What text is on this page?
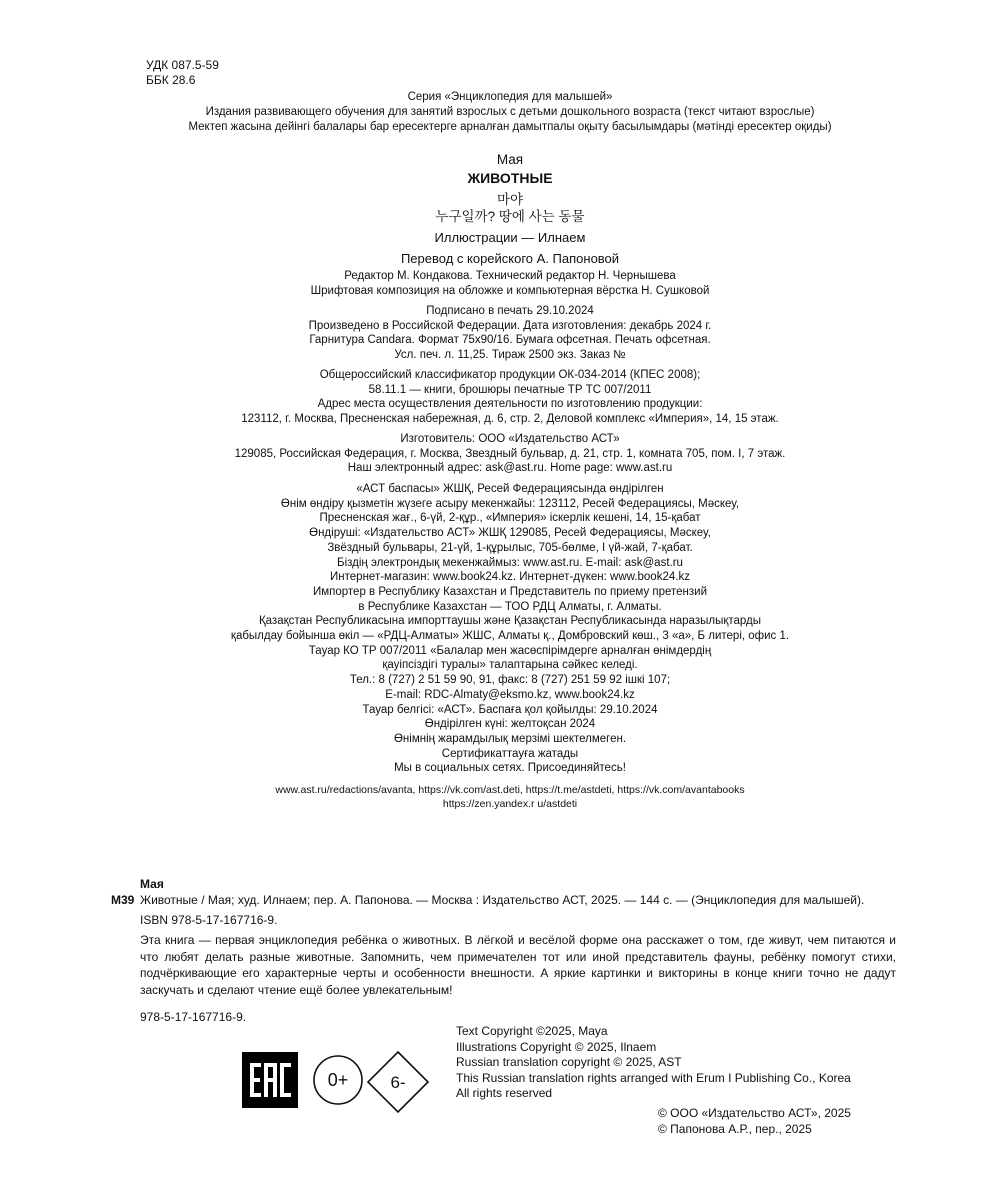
УДК 087.5-59
ББК 28.6
Серия «Энциклопедия для малышей»
Издания развивающего обучения для занятий взрослых с детьми дошкольного возраста (текст читают взрослые)
Мектеп жасына дейінгі балалары бар ересектерге арналған дамытпалы оқыту басылымдары (мәтінді ересектер оқиды)
Мая
ЖИВОТНЫЕ
마야
누구일까? 땅에 사는 동물
Иллюстрации — Илнаем
Перевод с корейского А. Папоновой
Редактор М. Кондакова. Технический редактор Н. Чернышева
Шрифтовая композиция на обложке и компьютерная вёрстка Н. Сушковой
Подписано в печать 29.10.2024
Произведено в Российской Федерации. Дата изготовления: декабрь 2024 г.
Гарнитура Candara. Формат 75x90/16. Бумага офсетная. Печать офсетная.
Усл. печ. л. 11,25. Тираж 2500 экз. Заказ №
Общероссийский классификатор продукции ОК-034-2014 (КПЕС 2008);
58.11.1 — книги, брошюры печатные ТР ТС 007/2011
Адрес места осуществления деятельности по изготовлению продукции:
123112, г. Москва, Пресненская набережная, д. 6, стр. 2, Деловой комплекс «Империя», 14, 15 этаж.
Изготовитель: ООО «Издательство АСТ»
129085, Российская Федерация, г. Москва, Звездный бульвар, д. 21, стр. 1, комната 705, пом. I, 7 этаж.
Наш электронный адрес: ask@ast.ru. Home page: www.ast.ru
«АСТ баспасы» ЖШҚ, Ресей Федерациясында өндірілген
Өнім өндіру қызметін жүзеге асыру мекенжайы: 123112, Ресей Федерациясы, Мәскеу,
Пресненская жағ., 6-үй, 2-құр., «Империя» іскерлік кешені, 14, 15-қабат
Өндіруші: «Издательство АСТ» ЖШҚ 129085, Ресей Федерациясы, Мәскеу,
Звёздный бульвары, 21-үй, 1-құрылыс, 705-бөлме, I үй-жай, 7-қабат.
Біздің электрондық мекенжаймыз: www.ast.ru. E-mail: ask@ast.ru
Интернет-магазин: www.book24.kz. Интернет-дүкен: www.book24.kz
Импортер в Республику Казахстан и Представитель по приему претензий
в Республике Казахстан — ТОО РДЦ Алматы, г. Алматы.
Қазақстан Республикасына импорттаушы және Қазақстан Республикасында наразылықтарды
қабылдау бойынша өкіл — «РДЦ-Алматы» ЖШС, Алматы қ., Домбровский көш., 3 «а», Б литері, офис 1.
Тауар КО ТР 007/2011 «Балалар мен жасөспірімдерге арналған өнімдердің
қауіпсіздігі туралы» талаптарына сәйкес келеді.
Тел.: 8 (727) 2 51 59 90, 91, факс: 8 (727) 251 59 92 ішкі 107;
E-mail: RDC-Almaty@eksmo.kz, www.book24.kz
Тауар белгісі: «АСТ». Баспаға қол қойылды: 29.10.2024
Өндірілген күні: желтоқсан 2024
Өнімнің жарамдылық мерзімі шектелмеген.
Сертификаттауға жатады
Мы в социальных сетях. Присоединяйтесь!
www.ast.ru/redactions/avanta, https://vk.com/ast.deti, https://t.me/astdeti, https://vk.com/avantabooks
https://zen.yandex.r u/astdeti
Мая
М39 Животные / Мая; худ. Илнаем; пер. А. Папонова. — Москва : Издательство АСТ, 2025. — 144 с. — (Энциклопедия для малышей).
ISBN 978-5-17-167716-9.
Эта книга — первая энциклопедия ребёнка о животных. В лёгкой и весёлой форме она расскажет о том, где живут, чем питаются и что любят делать разные животные. Запомнить, чем примечателен тот или иной представитель фауны, ребёнку помогут стихи, подчёркивающие его характерные черты и особенности внешности. А яркие картинки и викторины в конце книги точно не дадут заскучать и сделают чтение ещё более увлекательным!
978-5-17-167716-9.
Text Copyright ©2025, Maya
Illustrations Copyright © 2025, Ilnaem
Russian translation copyright © 2025, AST
This Russian translation rights arranged with Erum I Publishing Co., Korea
All rights reserved
0+ 6-
© ООО «Издательство АСТ», 2025
© Папонова А.Р., пер., 2025
